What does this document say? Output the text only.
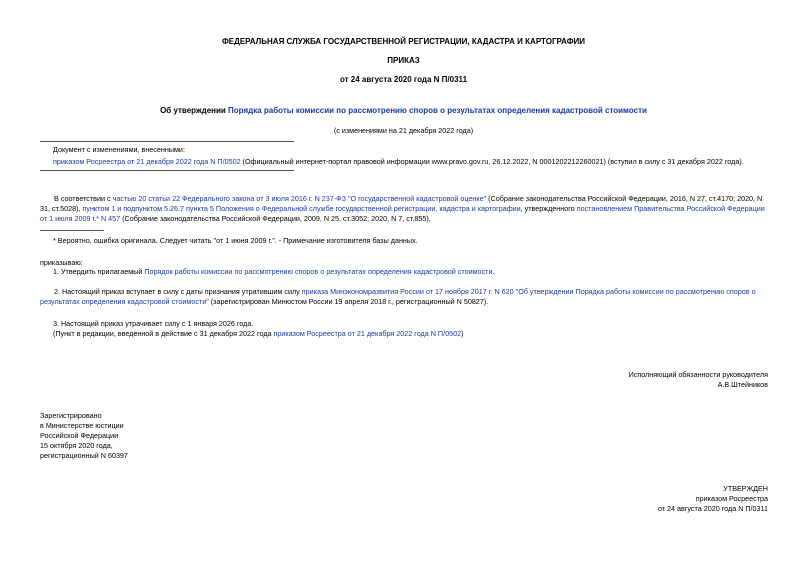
ФЕДЕРАЛЬНАЯ СЛУЖБА ГОСУДАРСТВЕННОЙ РЕГИСТРАЦИИ, КАДАСТРА И КАРТОГРАФИИ
ПРИКАЗ
от 24 августа 2020 года N П/0311
Об утверждении Порядка работы комиссии по рассмотрению споров о результатах определения кадастровой стоимости
(с изменениями на 21 декабря 2022 года)
Документ с изменениями, внесенными:
приказом Росреестра от 21 декабря 2022 года N П/0502 (Официальный интернет-портал правовой информации www.pravo.gov.ru, 26.12.2022, N 0001202212260021) (вступил в силу с 31 декабря 2022 года).
В соответствии с частью 20 статьи 22 Федерального закона от 3 июля 2016 г. N 237-ФЗ "О государственной кадастровой оценке" (Собрание законодательства Российской Федерации, 2016, N 27, ст.4170; 2020, N 31, ст.5028), пунктом 1 и подпунктом 5.26.7 пункта 5 Положения о Федеральной службе государственной регистрации, кадастра и картографии, утвержденного постановлением Правительства Российской Федерации от 1 июля 2009 г.* N 457 (Собрание законодательства Российской Федерации, 2009, N 25, ст.3052; 2020, N 7, ст.855),
* Вероятно, ошибка оригинала. Следует читать "от 1 июня 2009 г.". - Примечание изготовителя базы данных.
приказываю:
1. Утвердить прилагаемый Порядок работы комиссии по рассмотрению споров о результатах определения кадастровой стоимости.
2. Настоящий приказ вступает в силу с даты признания утратившим силу приказа Минэкономразвития России от 17 ноября 2017 г. N 620 "Об утверждении Порядка работы комиссии по рассмотрению споров о результатах определения кадастровой стоимости" (зарегистрирован Минюстом России 19 апреля 2018 г., регистрационный N 50827).
3. Настоящий приказ утрачивает силу с 1 января 2026 года.
(Пункт в редакции, введенной в действие с 31 декабря 2022 года приказом Росреестра от 21 декабря 2022 года N П/0502)
Исполняющий обязанности руководителя
А.В.Штейников
Зарегистрировано
в Министерстве юстиции
Российской Федерации
15 октября 2020 года,
регистрационный N 60397
УТВЕРЖДЕН
приказом Росреестра
от 24 августа 2020 года N П/0311
